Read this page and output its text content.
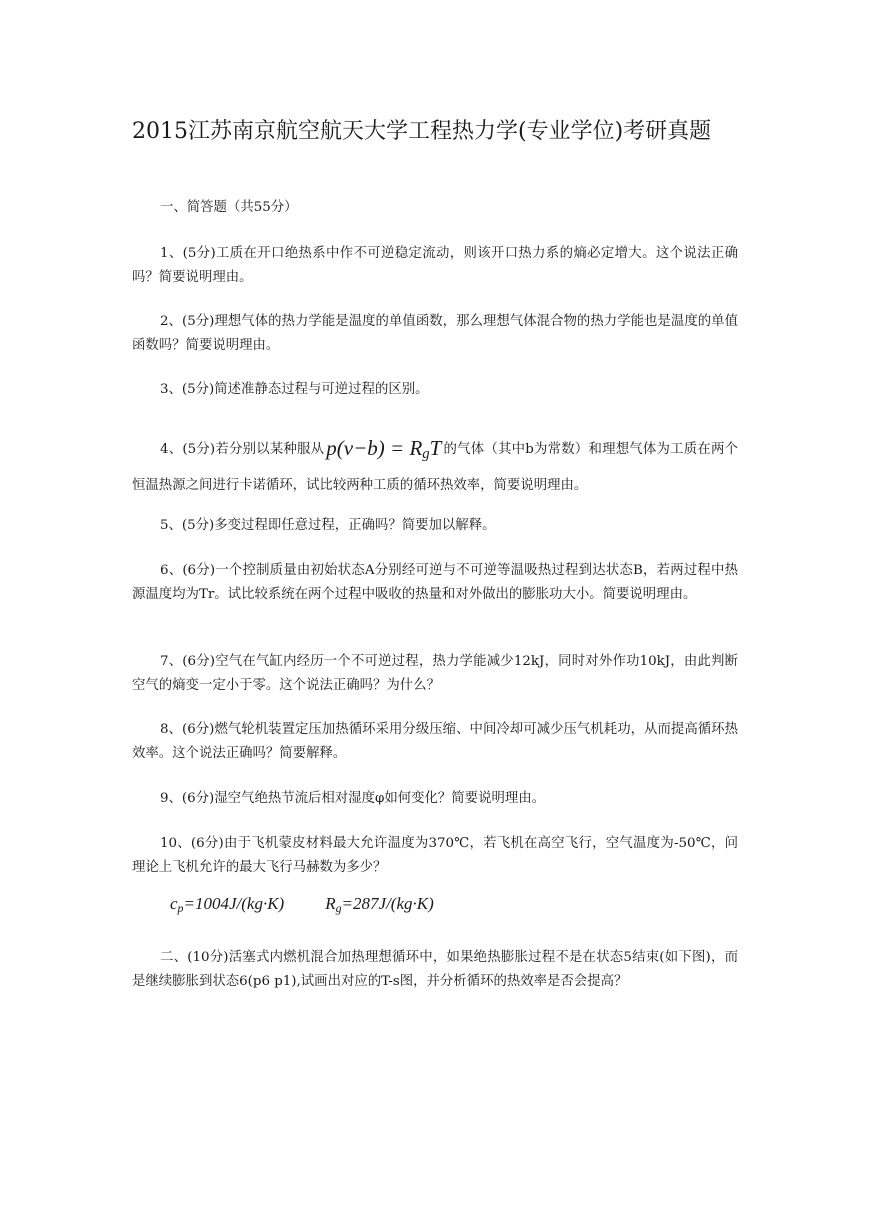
2015江苏南京航空航天大学工程热力学(专业学位)考研真题

一、简答题（共55分）

1、(5分)工质在开口绝热系中作不可逆稳定流动，则该开口热力系的熵必定增大。这个说法正确吗？简要说明理由。

2、(5分)理想气体的热力学能是温度的单值函数，那么理想气体混合物的热力学能也是温度的单值函数吗？简要说明理由。

3、(5分)简述准静态过程与可逆过程的区别。

4、(5分)若分别以某种服从$p(v-b) = R_gT$ 的气体（其中b为常数）和理想气体为工质在两个恒温热源之间进行卡诺循环，试比较两种工质的循环热效率，简要说明理由。

5、(5分)多变过程即任意过程，正确吗？简要加以解释。

6、(6分)一个控制质量由初始状态A分别经可逆与不可逆等温吸热过程到达状态B，若两过程中热源温度均为Tr。试比较系统在两个过程中吸收的热量和对外做出的膨胀功大小。简要说明理由。

7、(6分)空气在气缸内经历一个不可逆过程，热力学能减少12kJ，同时对外作功10kJ，由此判断空气的熵变一定小于零。这个说法正确吗？为什么？

8、(6分)燃气轮机装置定压加热循环采用分级压缩、中间冷却可减少压气机耗功，从而提高循环热效率。这个说法正确吗？简要解释。

9、(6分)湿空气绝热节流后相对湿度φ如何变化？简要说明理由。

10、(6分)由于飞机蒙皮材料最大允许温度为370℃，若飞机在高空飞行，空气温度为-50℃，问理论上飞机允许的最大飞行马赫数为多少？

$c_p=1004J/(kg\cdot K)$ $R_g=287J/(kg\cdot K)$

二、(10分)活塞式内燃机混合加热理想循环中，如果绝热膨胀过程不是在状态5结束(如下图)，而是继续膨胀到状态6(p6 p1),试画出对应的T-s图，并分析循环的热效率是否会提高？
